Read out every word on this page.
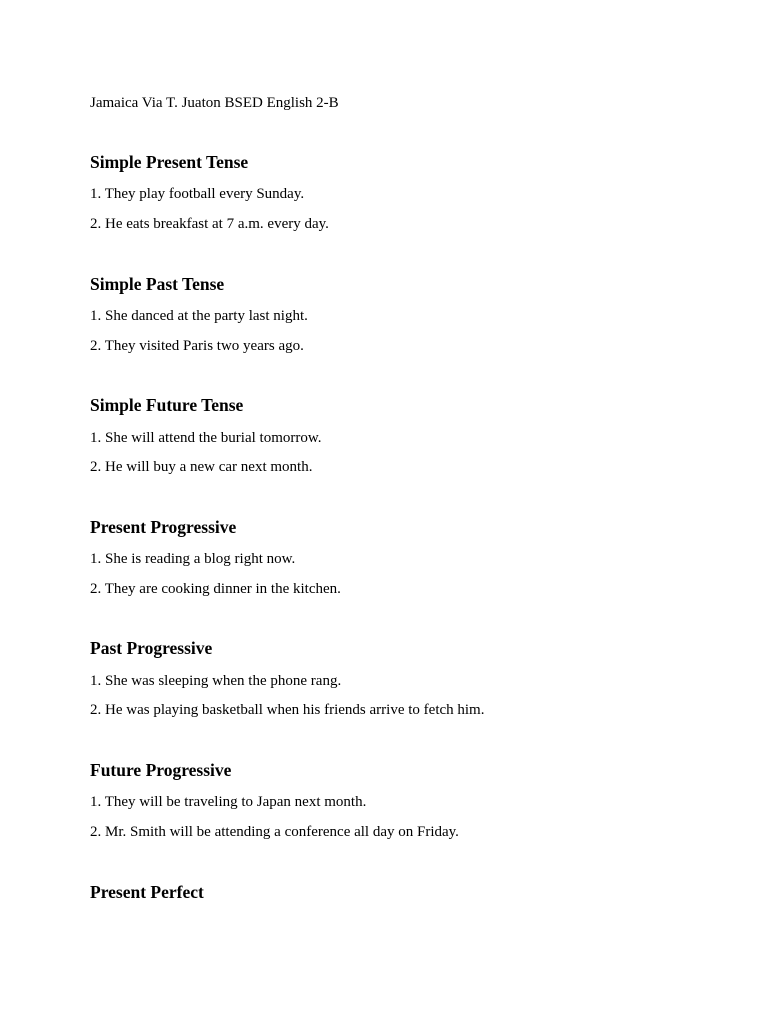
Jamaica Via T. Juaton BSED English 2-B
Simple Present Tense
1. They play football every Sunday.
2. He eats breakfast at 7 a.m. every day.
Simple Past Tense
1. She danced at the party last night.
2. They visited Paris two years ago.
Simple Future Tense
1. She will attend the burial tomorrow.
2. He will buy a new car next month.
Present Progressive
1. She is reading a blog right now.
2. They are cooking dinner in the kitchen.
Past Progressive
1. She was sleeping when the phone rang.
2. He was playing basketball when his friends arrive to fetch him.
Future Progressive
1. They will be traveling to Japan next month.
2. Mr. Smith will be attending a conference all day on Friday.
Present Perfect
